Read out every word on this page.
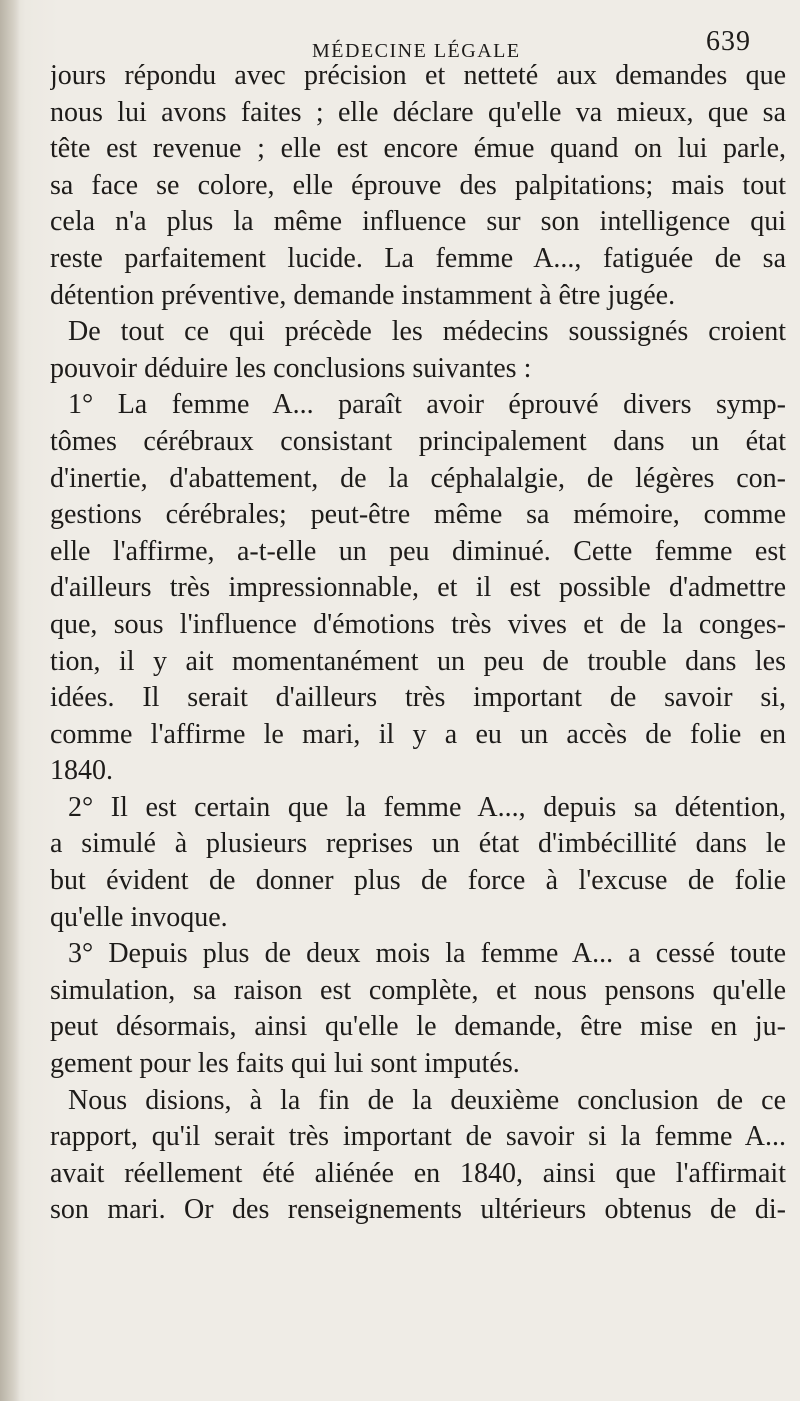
MÉDECINE LÉGALE	639
jours répondu avec précision et netteté aux demandes que
nous lui avons faites ; elle déclare qu'elle va mieux, que sa
tête est revenue ; elle est encore émue quand on lui parle,
sa face se colore, elle éprouve des palpitations; mais tout
cela n'a plus la même influence sur son intelligence qui
reste parfaitement lucide. La femme A..., fatiguée de sa
détention préventive, demande instamment à être jugée.
De tout ce qui précède les médecins soussignés croient
pouvoir déduire les conclusions suivantes :
1° La femme A... paraît avoir éprouvé divers symp-
tômes cérébraux consistant principalement dans un état
d'inertie, d'abattement, de la céphalalgie, de légères con-
gestions cérébrales; peut-être même sa mémoire, comme
elle l'affirme, a-t-elle un peu diminué. Cette femme est
d'ailleurs très impressionnable, et il est possible d'admettre
que, sous l'influence d'émotions très vives et de la conges-
tion, il y ait momentanément un peu de trouble dans les
idées. Il serait d'ailleurs très important de savoir si,
comme l'affirme le mari, il y a eu un accès de folie en
1840.
2° Il est certain que la femme A..., depuis sa détention,
a simulé à plusieurs reprises un état d'imbécillité dans le
but évident de donner plus de force à l'excuse de folie
qu'elle invoque.
3° Depuis plus de deux mois la femme A... a cessé toute
simulation, sa raison est complète, et nous pensons qu'elle
peut désormais, ainsi qu'elle le demande, être mise en ju-
gement pour les faits qui lui sont imputés.
Nous disions, à la fin de la deuxième conclusion de ce
rapport, qu'il serait très important de savoir si la femme A...
avait réellement été aliénée en 1840, ainsi que l'affirmait
son mari. Or des renseignements ultérieurs obtenus de di-
